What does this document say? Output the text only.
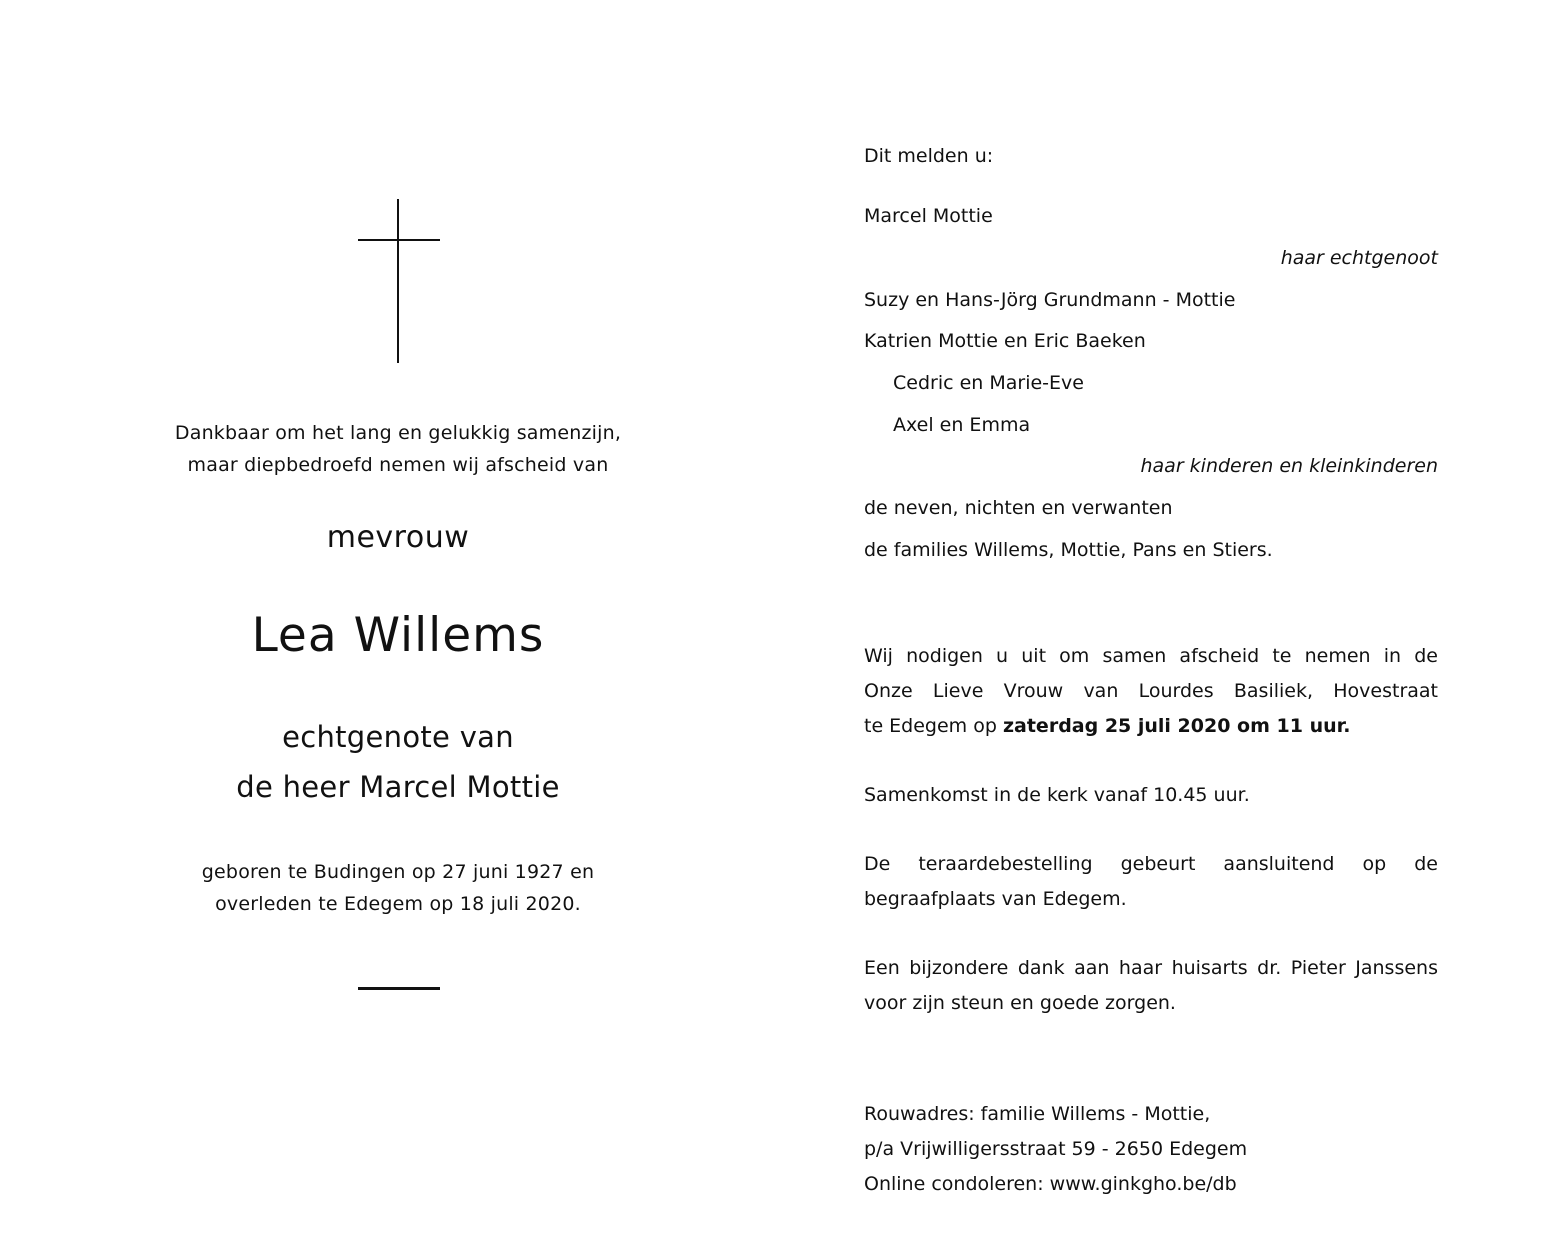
Dankbaar om het lang en gelukkig samenzijn,
maar diepbedroefd nemen wij afscheid van
mevrouw
Lea Willems
echtgenote van
de heer Marcel Mottie
geboren te Budingen op 27 juni 1927 en
overleden te Edegem op 18 juli 2020.
Dit melden u:
Marcel Mottie
haar echtgenoot
Suzy en Hans-Jörg Grundmann - Mottie
Katrien Mottie en Eric Baeken
Cedric en Marie-Eve
Axel en Emma
haar kinderen en kleinkinderen
de neven, nichten en verwanten
de families Willems, Mottie, Pans en Stiers.
Wij nodigen u uit om samen afscheid te nemen in de
Onze Lieve Vrouw van Lourdes Basiliek, Hovestraat
te Edegem op zaterdag 25 juli 2020 om 11 uur.
Samenkomst in de kerk vanaf 10.45 uur.
De teraardebestelling gebeurt aansluitend op de
begraafplaats van Edegem.
Een bijzondere dank aan haar huisarts dr. Pieter Janssens
voor zijn steun en goede zorgen.
Rouwadres: familie Willems - Mottie,
p/a Vrijwilligersstraat 59 - 2650 Edegem
Online condoleren: www.ginkgho.be/db
